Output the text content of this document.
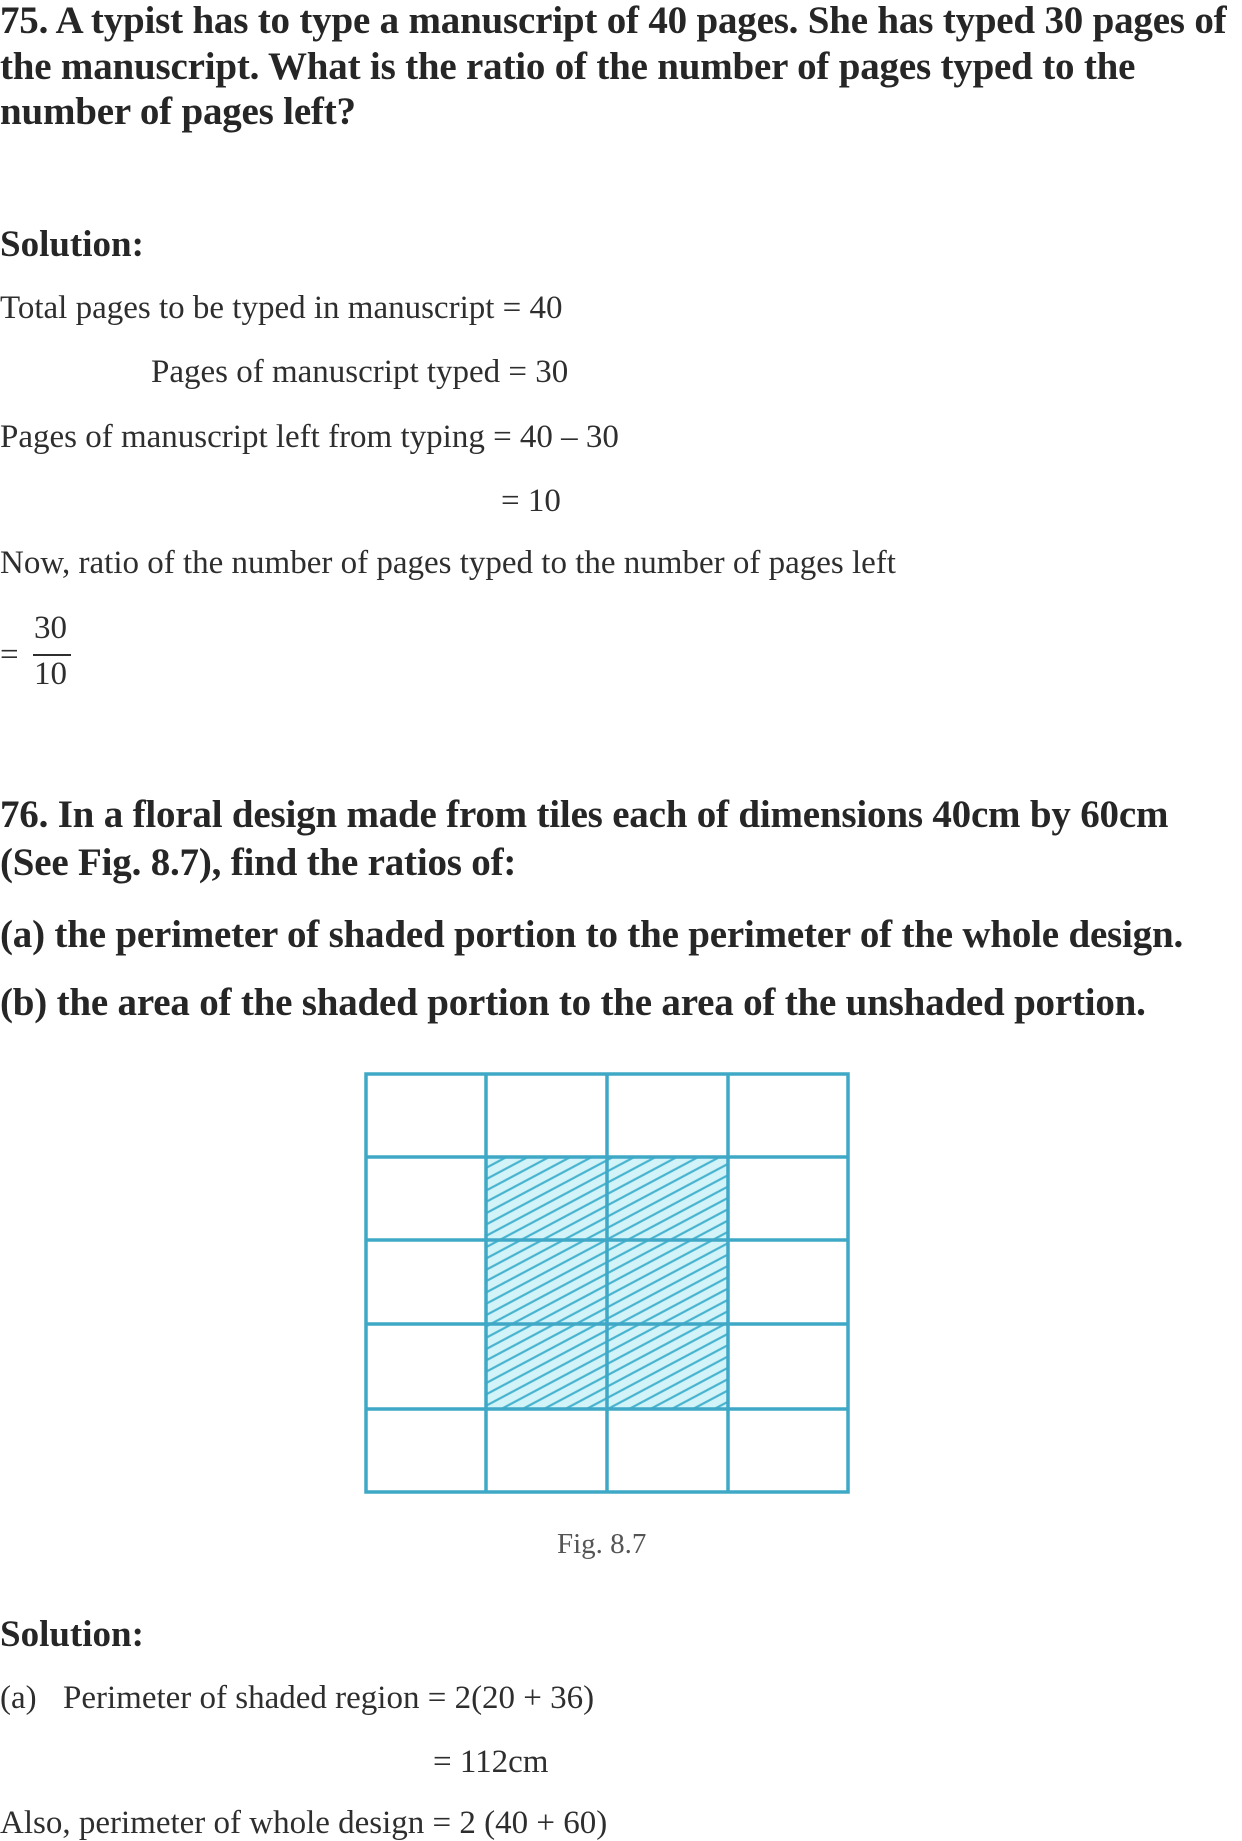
75. A typist has to type a manuscript of 40 pages. She has typed 30 pages of
the manuscript. What is the ratio of the number of pages typed to the
number of pages left?
Solution:
Total pages to be typed in manuscript = 40
Pages of manuscript typed = 30
Pages of manuscript left from typing = 40 – 30
= 10
Now, ratio of the number of pages typed to the number of pages left
=
30
10
76. In a floral design made from tiles each of dimensions 40cm by 60cm
(See Fig. 8.7), find the ratios of:
(a) the perimeter of shaded portion to the perimeter of the whole design.
(b) the area of the shaded portion to the area of the unshaded portion.
Fig. 8.7
Solution:
(a) Perimeter of shaded region = 2(20 + 36)
= 112cm
Also, perimeter of whole design = 2 (40 + 60)
